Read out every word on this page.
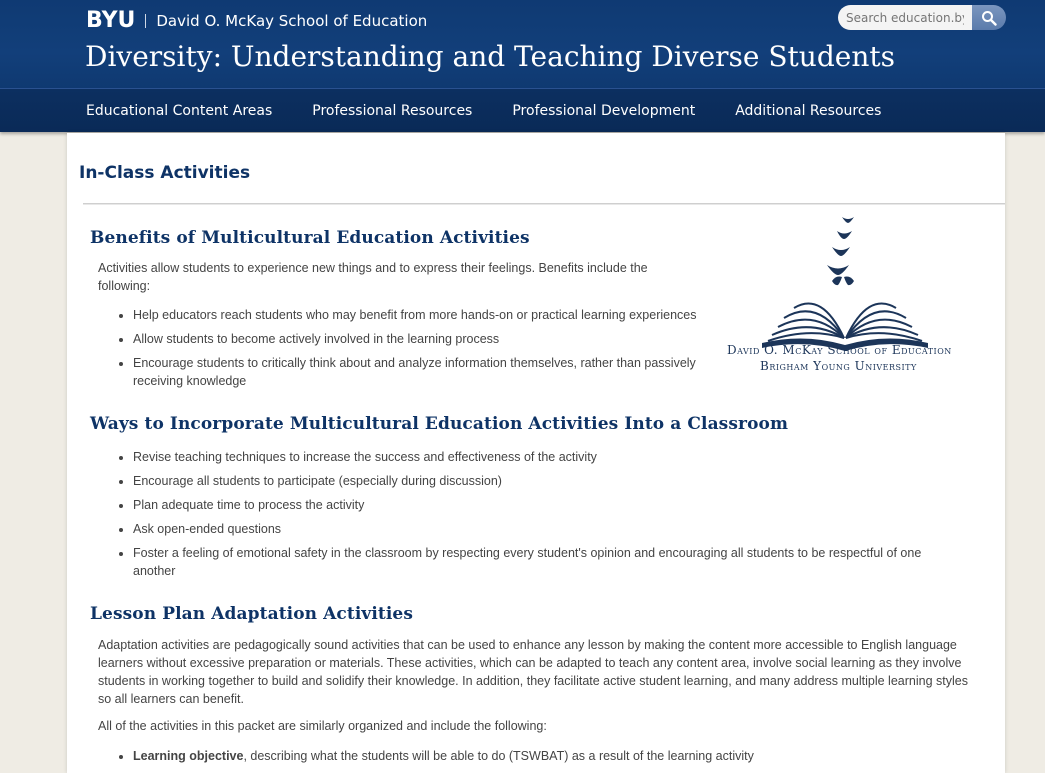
BYU David O. McKay School of Education
Diversity: Understanding and Teaching Diverse Students
Search education.byu
Educational Content Areas	Professional Resources	Professional Development	Additional Resources
In-Class Activities
David O. McKay School of Education
Brigham Young University
Benefits of Multicultural Education Activities

Activities allow students to experience new things and to express their feelings. Benefits include the following:

• Help educators reach students who may benefit from more hands-on or practical learning experiences
• Allow students to become actively involved in the learning process
• Encourage students to critically think about and analyze information themselves, rather than passively receiving knowledge
Ways to Incorporate Multicultural Education Activities Into a Classroom
• Revise teaching techniques to increase the success and effectiveness of the activity
• Encourage all students to participate (especially during discussion)
• Plan adequate time to process the activity
• Ask open-ended questions
• Foster a feeling of emotional safety in the classroom by respecting every student's opinion and encouraging all students to be respectful of one another
Lesson Plan Adaptation Activities

Adaptation activities are pedagogically sound activities that can be used to enhance any lesson by making the content more accessible to English language learners without excessive preparation or materials. These activities, which can be adapted to teach any content area, involve social learning as they involve students in working together to build and solidify their knowledge. In addition, they facilitate active student learning, and many address multiple learning styles so all learners can benefit.

All of the activities in this packet are similarly organized and include the following:

• Learning objective, describing what the students will be able to do (TSWBAT) as a result of the learning activity
